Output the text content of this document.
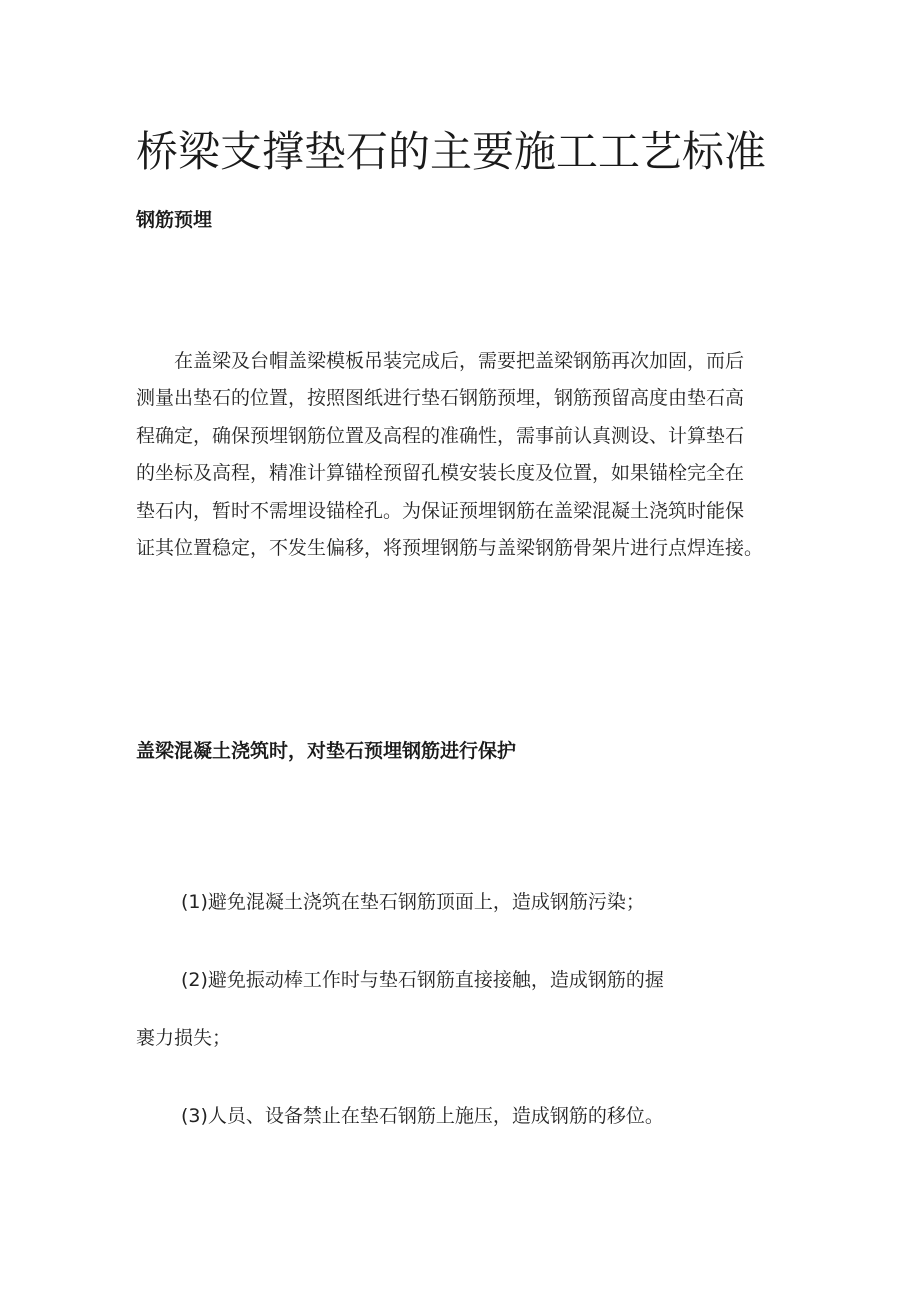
桥梁支撑垫石的主要施工工艺标准
钢筋预埋

在盖梁及台帽盖梁模板吊装完成后，需要把盖梁钢筋再次加固，而后
测量出垫石的位置，按照图纸进行垫石钢筋预埋，钢筋预留高度由垫石高
程确定，确保预埋钢筋位置及高程的准确性，需事前认真测设、计算垫石
的坐标及高程，精准计算锚栓预留孔模安装长度及位置，如果锚栓完全在
垫石内，暂时不需埋设锚栓孔。为保证预埋钢筋在盖梁混凝土浇筑时能保
证其位置稳定，不发生偏移，将预埋钢筋与盖梁钢筋骨架片进行点焊连接。

盖梁混凝土浇筑时，对垫石预埋钢筋进行保护

(1)避免混凝土浇筑在垫石钢筋顶面上，造成钢筋污染；

(2)避免振动棒工作时与垫石钢筋直接接触，造成钢筋的握

裹力损失；

(3)人员、设备禁止在垫石钢筋上施压，造成钢筋的移位。
